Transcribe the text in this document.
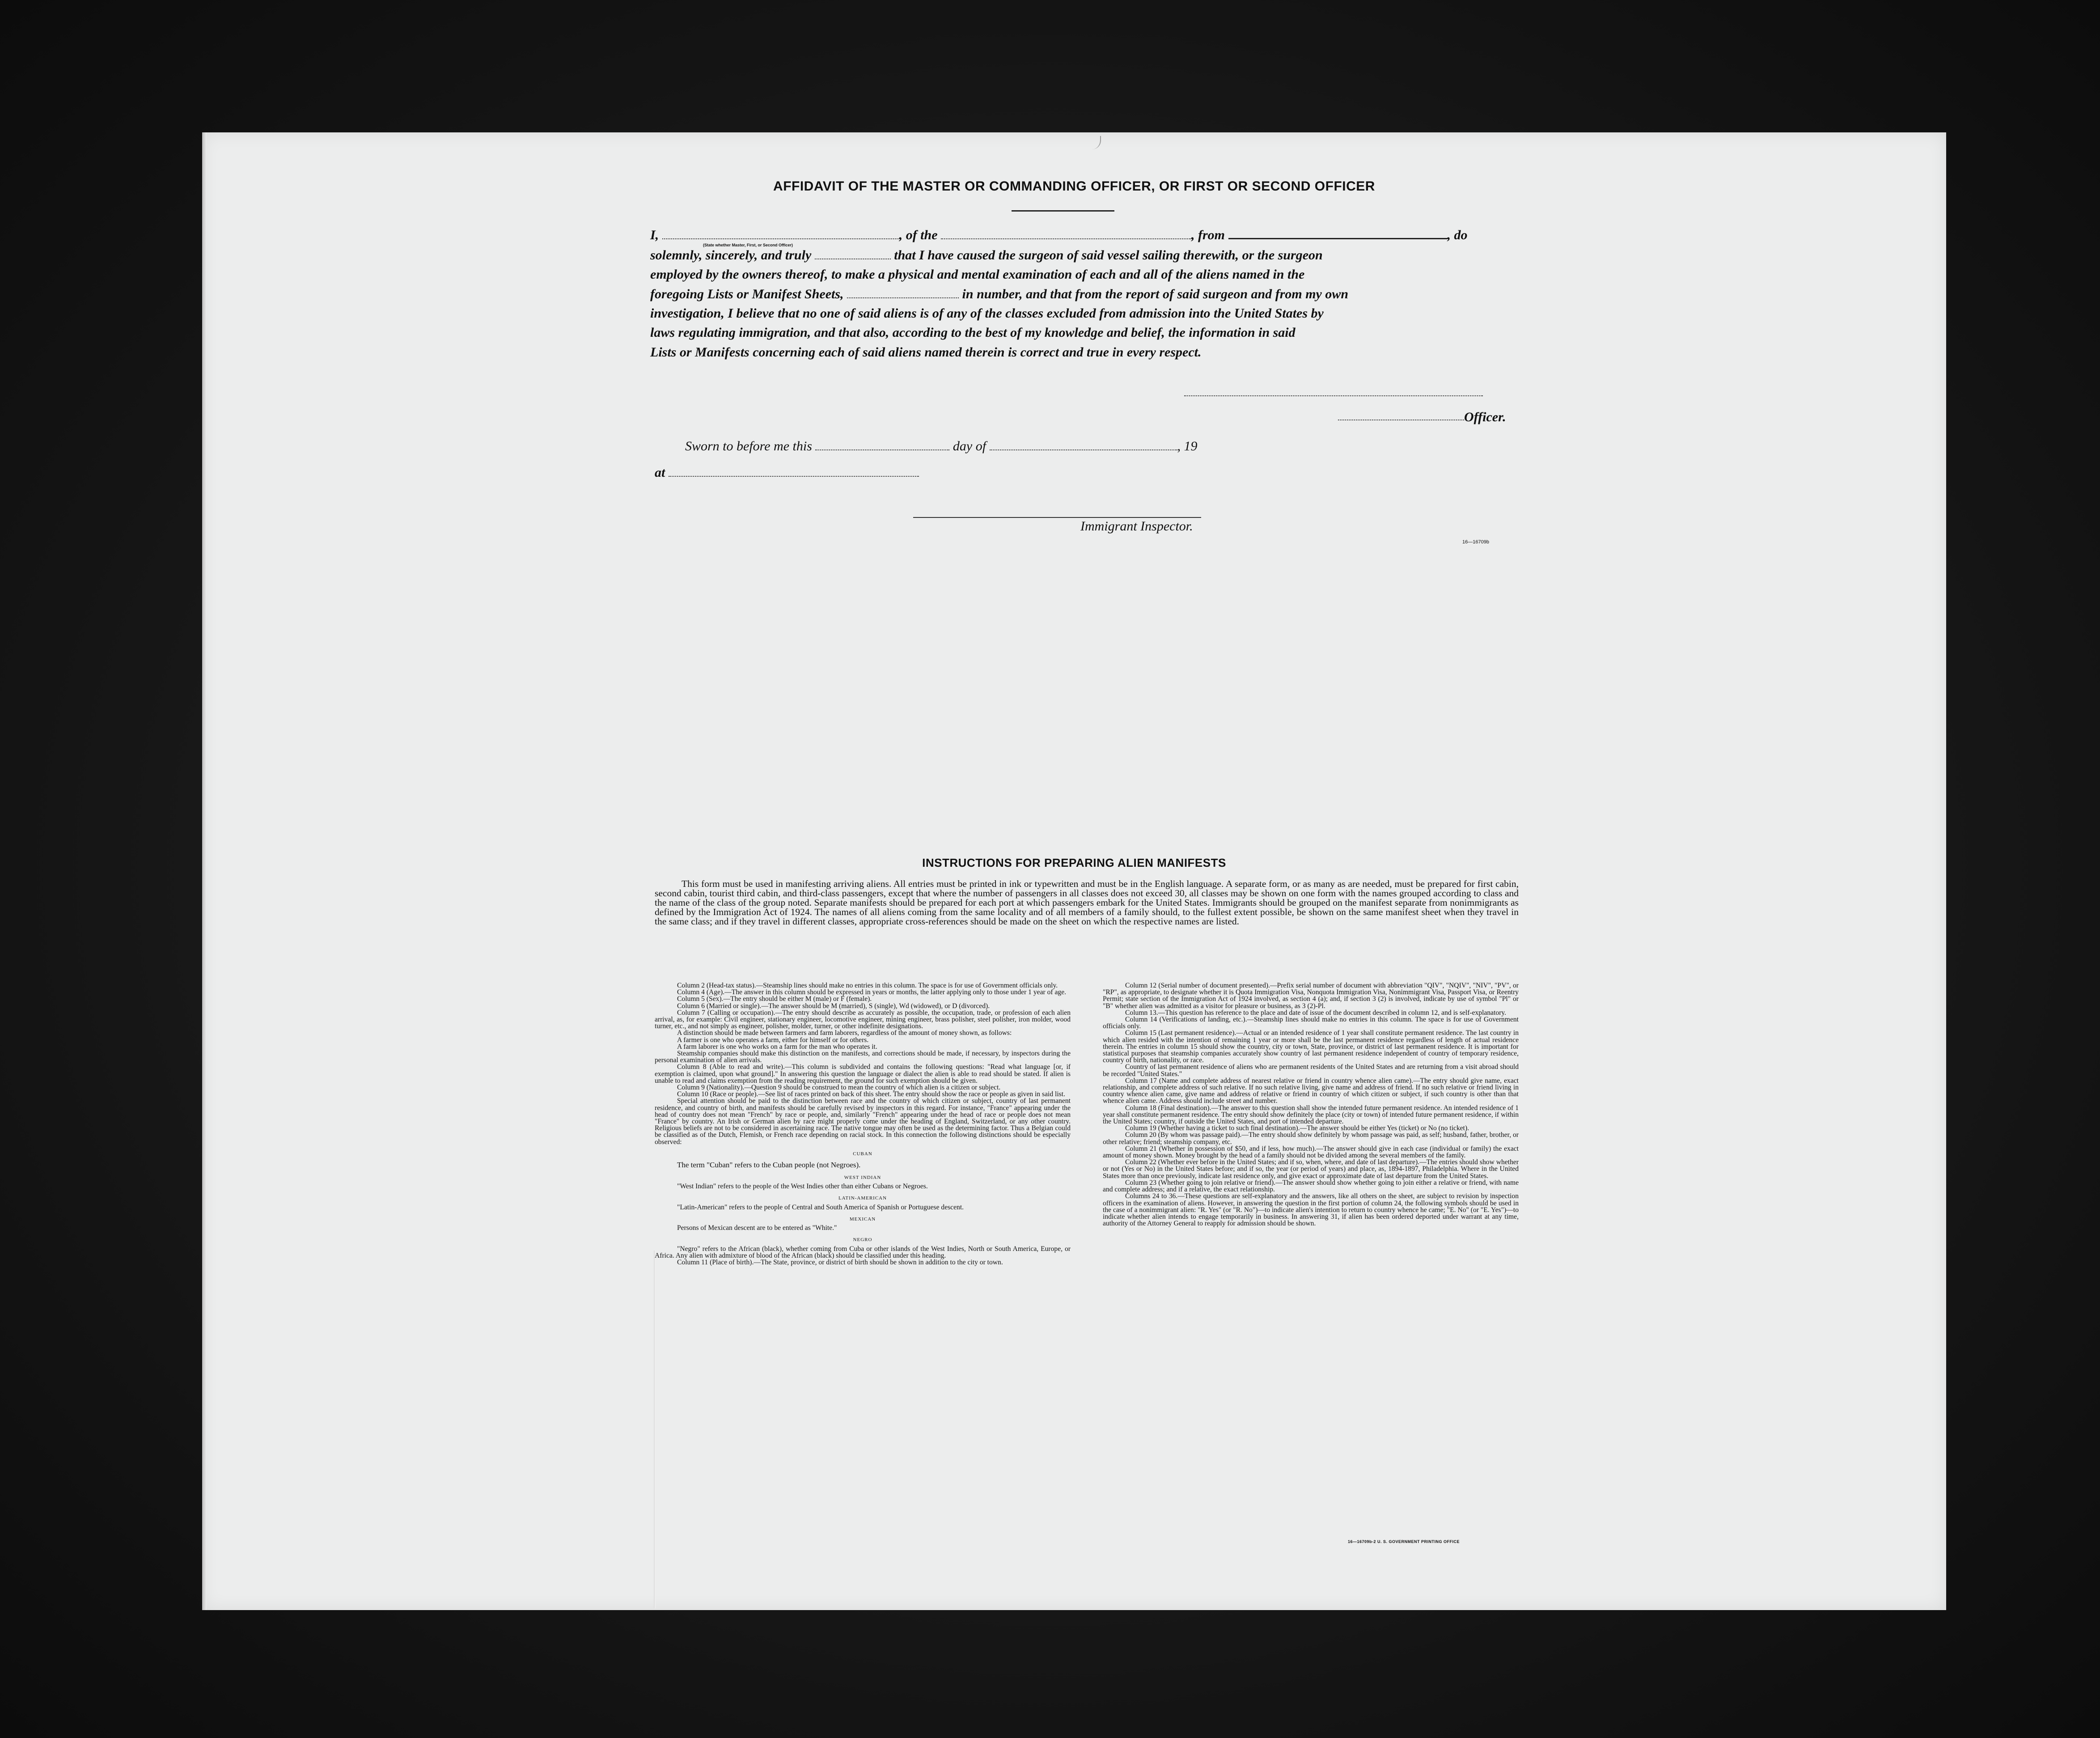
AFFIDAVIT OF THE MASTER OR COMMANDING OFFICER, OR FIRST OR SECOND OFFICER
I,	, of the	, from	, do
(State whether Master, First, or Second Officer)
solemnly, sincerely, and truly	that I have caused the surgeon of said vessel sailing therewith, or the surgeon
employed by the owners thereof, to make a physical and mental examination of each and all of the aliens named in the
foregoing Lists or Manifest Sheets,	in number, and that from the report of said surgeon and from my own
investigation, I believe that no one of said aliens is of any of the classes excluded from admission into the United States by
laws regulating immigration, and that also, according to the best of my knowledge and belief, the information in said
Lists or Manifests concerning each of said aliens named therein is correct and true in every respect.
Officer.
Sworn to before me this	day of	, 19
at
Immigrant Inspector.
16—16709b
INSTRUCTIONS FOR PREPARING ALIEN MANIFESTS
This form must be used in manifesting arriving aliens. All entries must be printed in ink or typewritten and must be in the English language. A separate form, or as many as are needed, must be prepared for first cabin, second cabin, tourist third cabin, and third-class passengers, except that where the number of passengers in all classes does not exceed 30, all classes may be shown on one form with the names grouped according to class and the name of the class of the group noted. Separate manifests should be prepared for each port at which passengers embark for the United States. Immigrants should be grouped on the manifest separate from nonimmigrants as defined by the Immigration Act of 1924. The names of all aliens coming from the same locality and of all members of a family should, to the fullest extent possible, be shown on the same manifest sheet when they travel in the same class; and if they travel in different classes, appropriate cross-references should be made on the sheet on which the respective names are listed.

Column 2 (Head-tax status).—Steamship lines should make no entries in this column. The space is for use of Government officials only.

Column 4 (Age).—The answer in this column should be expressed in years or months, the latter applying only to those under 1 year of age.

Column 5 (Sex).—The entry should be either M (male) or F (female).

Column 6 (Married or single).—The answer should be M (married), S (single), Wd (widowed), or D (divorced).

Column 7 (Calling or occupation).—The entry should describe as accurately as possible, the occupation, trade, or profession of each alien arrival, as, for example: Civil engineer, stationary engineer, locomotive engineer, mining engineer, brass polisher, steel polisher, iron molder, wood turner, etc., and not simply as engineer, polisher, molder, turner, or other indefinite designations.

A distinction should be made between farmers and farm laborers, regardless of the amount of money shown, as follows:

A farmer is one who operates a farm, either for himself or for others.

A farm laborer is one who works on a farm for the man who operates it.

Steamship companies should make this distinction on the manifests, and corrections should be made, if necessary, by inspectors during the personal examination of alien arrivals.

Column 8 (Able to read and write).—This column is subdivided and contains the following questions: "Read what language [or, if exemption is claimed, upon what ground]." In answering this question the language or dialect the alien is able to read should be stated. If alien is unable to read and claims exemption from the reading requirement, the ground for such exemption should be given.

Column 9 (Nationality).—Question 9 should be construed to mean the country of which alien is a citizen or subject.

Column 10 (Race or people).—See list of races printed on back of this sheet. The entry should show the race or people as given in said list.

Special attention should be paid to the distinction between race and the country of which citizen or subject, country of last permanent residence, and country of birth, and manifests should be carefully revised by inspectors in this regard. For instance, "France" appearing under the head of country does not mean "French" by race or people, and, similarly "French" appearing under the head of race or people does not mean "France" by country. An Irish or German alien by race might properly come under the heading of England, Switzerland, or any other country. Religious beliefs are not to be considered in ascertaining race. The native tongue may often be used as the determining factor. Thus a Belgian could be classified as of the Dutch, Flemish, or French race depending on racial stock. In this connection the following distinctions should be especially observed:

CUBAN

The term "Cuban" refers to the Cuban people (not Negroes).

WEST INDIAN

"West Indian" refers to the people of the West Indies other than either Cubans or Negroes.

LATIN-AMERICAN

"Latin-American" refers to the people of Central and South America of Spanish or Portuguese descent.

MEXICAN

Persons of Mexican descent are to be entered as "White."

NEGRO

"Negro" refers to the African (black), whether coming from Cuba or other islands of the West Indies, North or South America, Europe, or Africa. Any alien with admixture of blood of the African (black) should be classified under this heading.

Column 11 (Place of birth).—The State, province, or district of birth should be shown in addition to the city or town.

Column 12 (Serial number of document presented).—Prefix serial number of document with abbreviation "QIV", "NQIV", "NIV", "PV", or "RP", as appropriate, to designate whether it is Quota Immigration Visa, Nonquota Immigration Visa, Nonimmigrant Visa, Passport Visa, or Reentry Permit; state section of the Immigration Act of 1924 involved, as section 4 (a); and, if section 3 (2) is involved, indicate by use of symbol "Pl" or "B" whether alien was admitted as a visitor for pleasure or business, as 3 (2)-Pl.

Column 13.—This question has reference to the place and date of issue of the document described in column 12, and is self-explanatory.

Column 14 (Verifications of landing, etc.).—Steamship lines should make no entries in this column. The space is for use of Government officials only.

Column 15 (Last permanent residence).—Actual or an intended residence of 1 year shall constitute permanent residence. The last country in which alien resided with the intention of remaining 1 year or more shall be the last permanent residence regardless of length of actual residence therein. The entries in column 15 should show the country, city or town, State, province, or district of last permanent residence. It is important for statistical purposes that steamship companies accurately show country of last permanent residence independent of country of temporary residence, country of birth, nationality, or race.

Country of last permanent residence of aliens who are permanent residents of the United States and are returning from a visit abroad should be recorded "United States."

Column 17 (Name and complete address of nearest relative or friend in country whence alien came).—The entry should give name, exact relationship, and complete address of such relative. If no such relative living, give name and address of friend. If no such relative or friend living in country whence alien came, give name and address of relative or friend in country of which citizen or subject, if such country is other than that whence alien came. Address should include street and number.

Column 18 (Final destination).—The answer to this question shall show the intended future permanent residence. An intended residence of 1 year shall constitute permanent residence. The entry should show definitely the place (city or town) of intended future permanent residence, if within the United States; country, if outside the United States, and port of intended departure.

Column 19 (Whether having a ticket to such final destination).—The answer should be either Yes (ticket) or No (no ticket).

Column 20 (By whom was passage paid).—The entry should show definitely by whom passage was paid, as self; husband, father, brother, or other relative; friend; steamship company, etc.

Column 21 (Whether in possession of $50, and if less, how much).—The answer should give in each case (individual or family) the exact amount of money shown. Money brought by the head of a family should not be divided among the several members of the family.

Column 22 (Whether ever before in the United States; and if so, when, where, and date of last departure).—The entries should show whether or not (Yes or No) in the United States before; and if so, the year (or period of years) and place, as, 1894-1897, Philadelphia. Where in the United States more than once previously, indicate last residence only, and give exact or approximate date of last departure from the United States.

Column 23 (Whether going to join relative or friend).—The answer should show whether going to join either a relative or friend, with name and complete address; and if a relative, the exact relationship.

Columns 24 to 36.—These questions are self-explanatory and the answers, like all others on the sheet, are subject to revision by inspection officers in the examination of aliens. However, in answering the question in the first portion of column 24, the following symbols should be used in the case of a nonimmigrant alien: "R. Yes" (or "R. No")—to indicate alien's intention to return to country whence he came; "E. No" (or "E. Yes")—to indicate whether alien intends to engage temporarily in business. In answering 31, if alien has been ordered deported under warrant at any time, authority of the Attorney General to reapply for admission should be shown.

16—16709b-2 U. S. GOVERNMENT PRINTING OFFICE
